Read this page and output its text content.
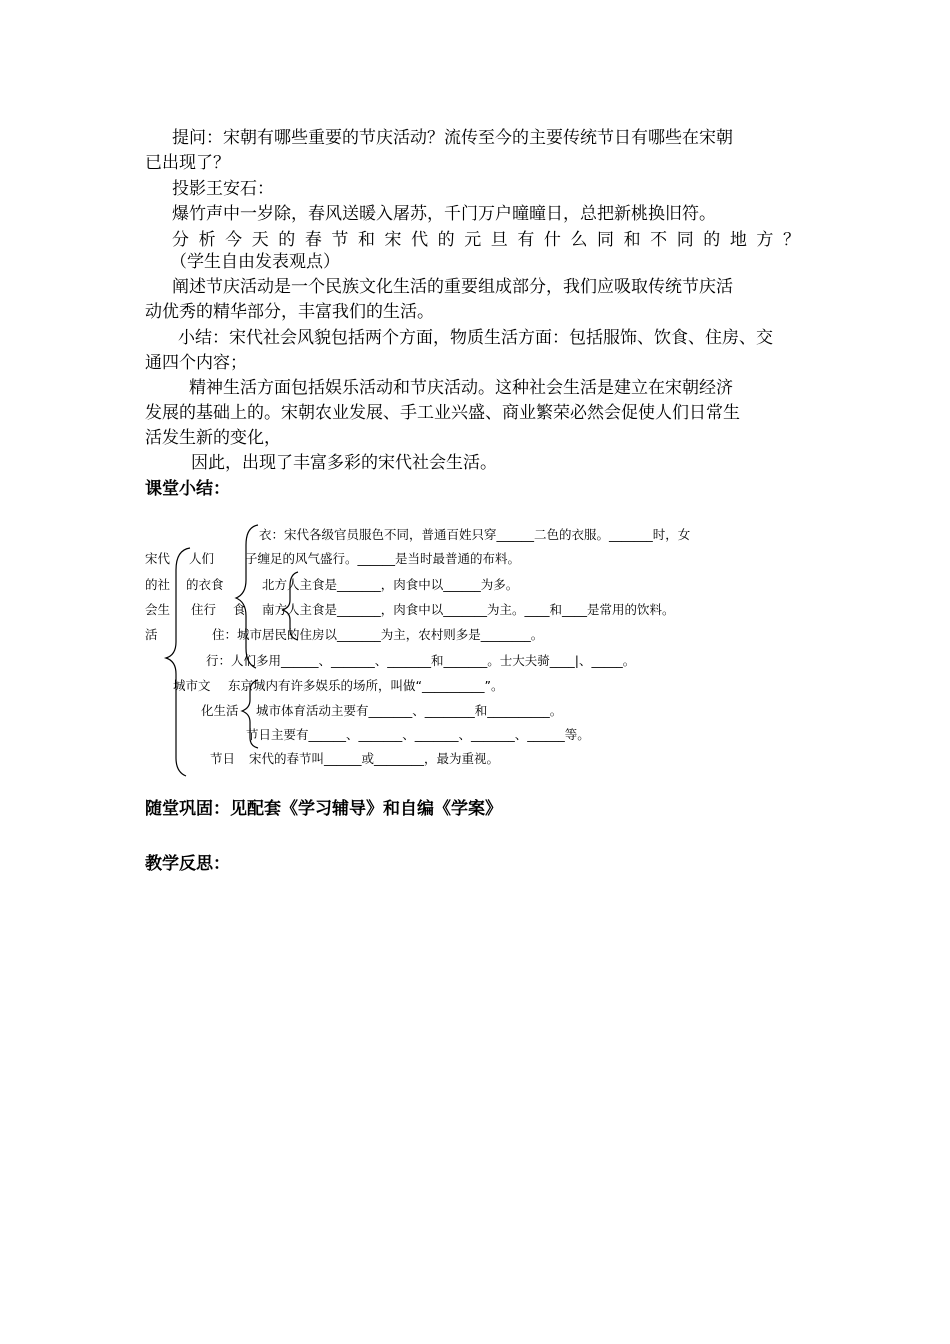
提问：宋朝有哪些重要的节庆活动？流传至今的主要传统节日有哪些在宋朝
已出现了？
投影王安石：
爆竹声中一岁除，春风送暖入屠苏，千门万户曈曈日，总把新桃换旧符。
分 析 今 天 的 春 节 和 宋 代 的 元 旦 有 什 么 同 和 不 同 的 地 方 ？
（学生自由发表观点）
阐述节庆活动是一个民族文化生活的重要组成部分，我们应吸取传统节庆活
动优秀的精华部分，丰富我们的生活。
小结：宋代社会风貌包括两个方面，物质生活方面：包括服饰、饮食、住房、交
通四个内容；
精神生活方面包括娱乐活动和节庆活动。这种社会生活是建立在宋朝经济
发展的基础上的。宋朝农业发展、手工业兴盛、商业繁荣必然会促使人们日常生
活发生新的变化，
因此，出现了丰富多彩的宋代社会生活。
课堂小结：
宋代
的社
会生
活
人们
的衣食
住行 食
衣：宋代各级官员服色不同，普通百姓只穿______二色的衣服。_______时，女
子缠足的风气盛行。______是当时最普通的布料。
北方人主食是_______，肉食中以______为多。
南方人主食是_______，肉食中以_______为主。____和____是常用的饮料。
住：城市居民的住房以_______为主，农村则多是________。
行：人们多用______、_______、_______和_______。士大夫骑____|、_____。
城市文
化生活
东京城内有许多娱乐的场所，叫做“__________”。
城市体育活动主要有_______、________和__________。
节日主要有______、_______、_______、_______、______等。
节日 宋代的春节叫______或________，最为重视。
随堂巩固：见配套《学习辅导》和自编《学案》
教学反思：
